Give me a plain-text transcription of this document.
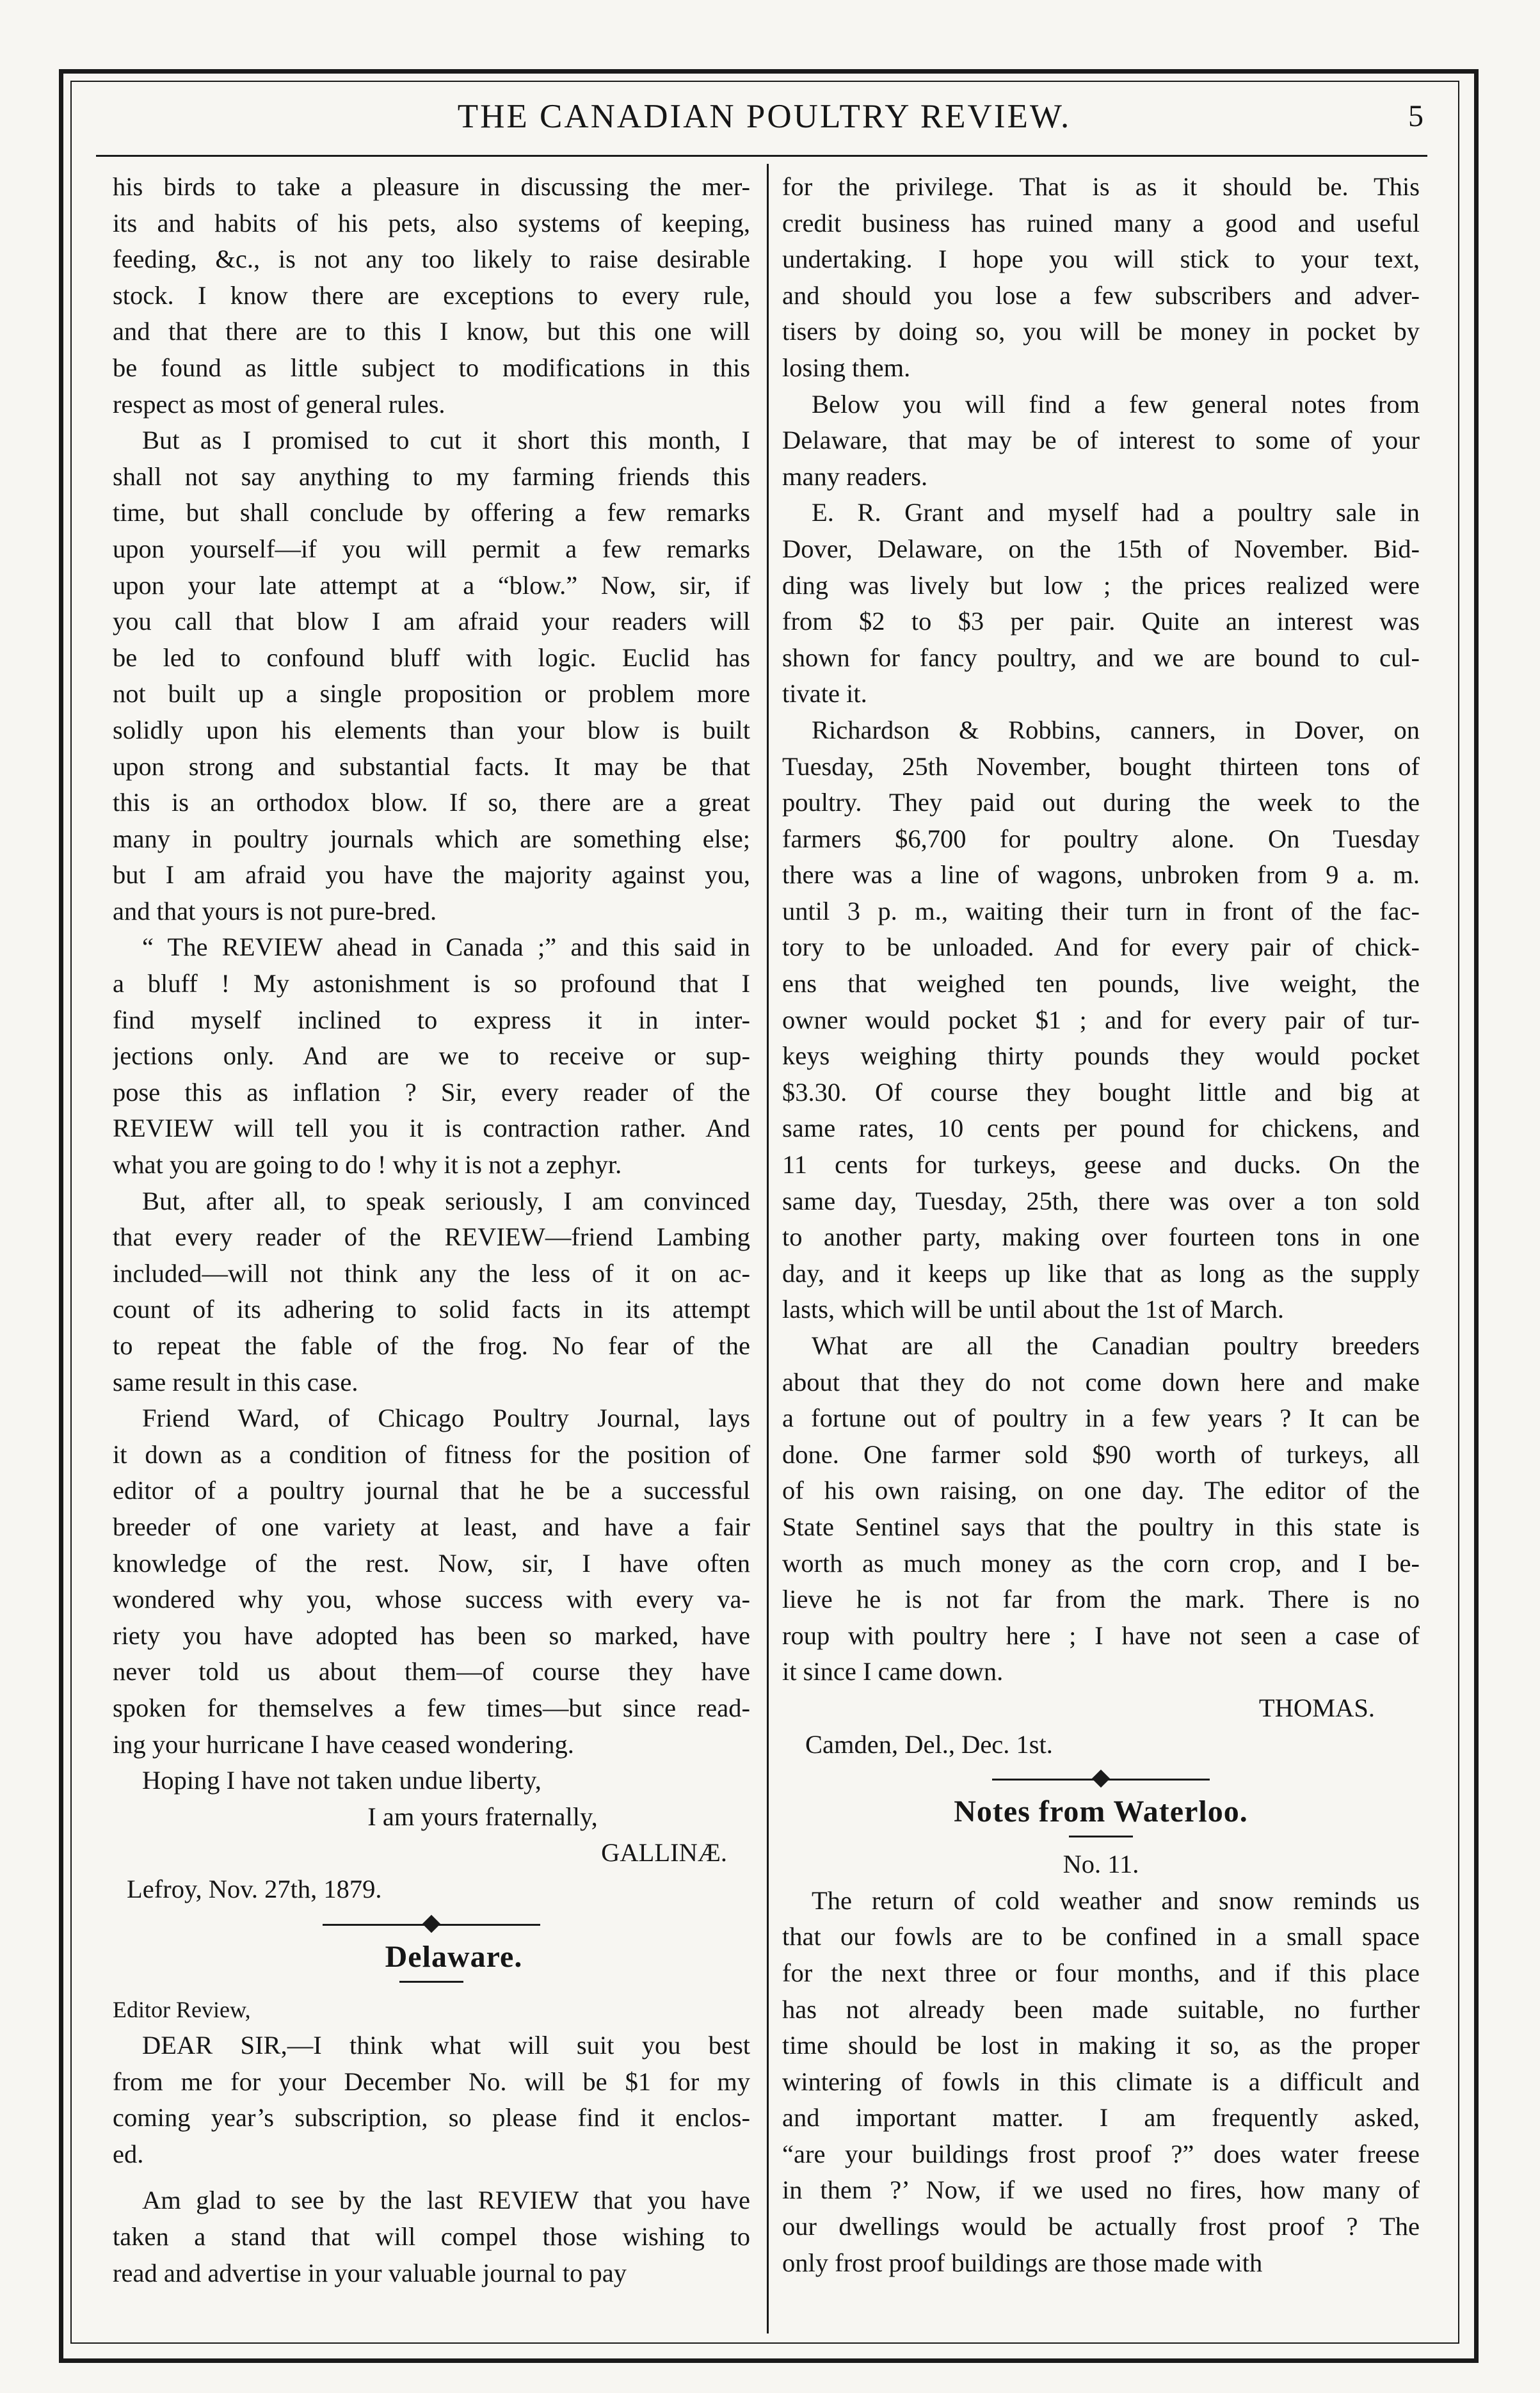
THE CANADIAN POULTRY REVIEW.	5
his birds to take a pleasure in discussing the mer-
its and habits of his pets, also systems of keeping,
feeding, &c., is not any too likely to raise desirable
stock. I know there are exceptions to every rule,
and that there are to this I know, but this one will
be found as little subject to modifications in this
respect as most of general rules.
But as I promised to cut it short this month, I
shall not say anything to my farming friends this
time, but shall conclude by offering a few remarks
upon yourself—if you will permit a few remarks
upon your late attempt at a “blow.” Now, sir, if
you call that blow I am afraid your readers will
be led to confound bluff with logic. Euclid has
not built up a single proposition or problem more
solidly upon his elements than your blow is built
upon strong and substantial facts. It may be that
this is an orthodox blow. If so, there are a great
many in poultry journals which are something else;
but I am afraid you have the majority against you,
and that yours is not pure-bred.
“ The REVIEW ahead in Canada ;” and this said in
a bluff ! My astonishment is so profound that I
find myself inclined to express it in inter-
jections only. And are we to receive or sup-
pose this as inflation ? Sir, every reader of the
REVIEW will tell you it is contraction rather. And
what you are going to do ! why it is not a zephyr.
But, after all, to speak seriously, I am convinced
that every reader of the REVIEW—friend Lambing
included—will not think any the less of it on ac-
count of its adhering to solid facts in its attempt
to repeat the fable of the frog. No fear of the
same result in this case.
Friend Ward, of Chicago Poultry Journal, lays
it down as a condition of fitness for the position of
editor of a poultry journal that he be a successful
breeder of one variety at least, and have a fair
knowledge of the rest. Now, sir, I have often
wondered why you, whose success with every va-
riety you have adopted has been so marked, have
never told us about them—of course they have
spoken for themselves a few times—but since read-
ing your hurricane I have ceased wondering.
Hoping I have not taken undue liberty,
I am yours fraternally,
GALLINÆ.
Lefroy, Nov. 27th, 1879.
Delaware.
Editor Review,
DEAR SIR,—I think what will suit you best
from me for your December No. will be $1 for my
coming year’s subscription, so please find it enclos-
ed.
Am glad to see by the last REVIEW that you have
taken a stand that will compel those wishing to
read and advertise in your valuable journal to pay
for the privilege. That is as it should be. This
credit business has ruined many a good and useful
undertaking. I hope you will stick to your text,
and should you lose a few subscribers and adver-
tisers by doing so, you will be money in pocket by
losing them.
Below you will find a few general notes from
Delaware, that may be of interest to some of your
many readers.
E. R. Grant and myself had a poultry sale in
Dover, Delaware, on the 15th of November. Bid-
ding was lively but low ; the prices realized were
from $2 to $3 per pair. Quite an interest was
shown for fancy poultry, and we are bound to cul-
tivate it.
Richardson & Robbins, canners, in Dover, on
Tuesday, 25th November, bought thirteen tons of
poultry. They paid out during the week to the
farmers $6,700 for poultry alone. On Tuesday
there was a line of wagons, unbroken from 9 a. m.
until 3 p. m., waiting their turn in front of the fac-
tory to be unloaded. And for every pair of chick-
ens that weighed ten pounds, live weight, the
owner would pocket $1 ; and for every pair of tur-
keys weighing thirty pounds they would pocket
$3.30. Of course they bought little and big at
same rates, 10 cents per pound for chickens, and
11 cents for turkeys, geese and ducks. On the
same day, Tuesday, 25th, there was over a ton sold
to another party, making over fourteen tons in one
day, and it keeps up like that as long as the supply
lasts, which will be until about the 1st of March.
What are all the Canadian poultry breeders
about that they do not come down here and make
a fortune out of poultry in a few years ? It can be
done. One farmer sold $90 worth of turkeys, all
of his own raising, on one day. The editor of the
State Sentinel says that the poultry in this state is
worth as much money as the corn crop, and I be-
lieve he is not far from the mark. There is no
roup with poultry here ; I have not seen a case of
it since I came down.
THOMAS.
Camden, Del., Dec. 1st.
Notes from Waterloo.
No. 11.
The return of cold weather and snow reminds us
that our fowls are to be confined in a small space
for the next three or four months, and if this place
has not already been made suitable, no further
time should be lost in making it so, as the proper
wintering of fowls in this climate is a difficult and
and important matter. I am frequently asked,
“are your buildings frost proof ?” does water freese
in them ?’ Now, if we used no fires, how many of
our dwellings would be actually frost proof ? The
only frost proof buildings are those made with
